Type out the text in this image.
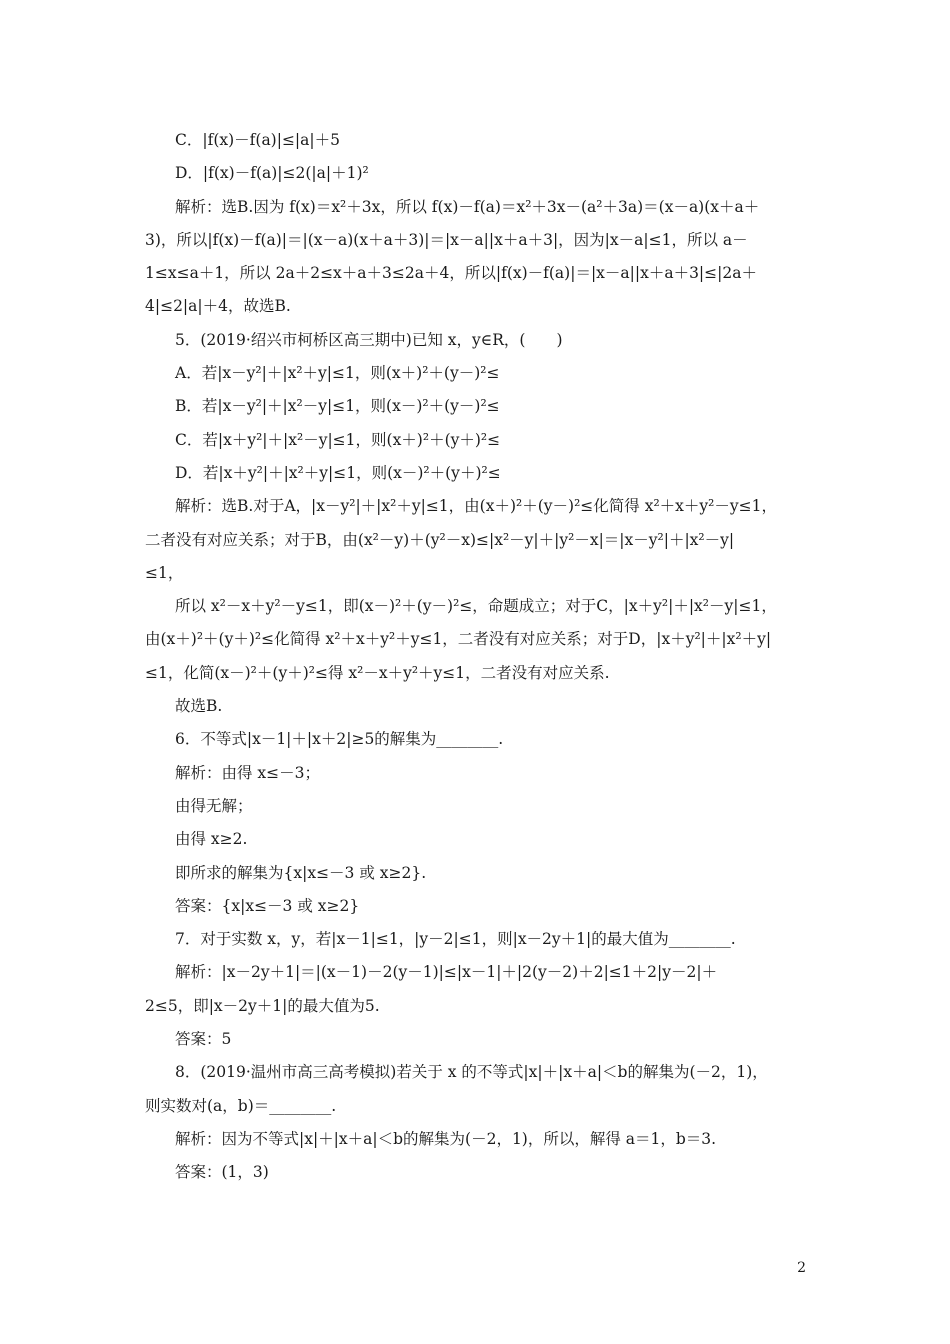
C．|f(x)－f(a)|≤|a|＋5
D．|f(x)－f(a)|≤2(|a|＋1)²
解析：选B.因为 f(x)＝x²＋3x，所以 f(x)－f(a)＝x²＋3x－(a²＋3a)＝(x－a)(x＋a＋
3)，所以|f(x)－f(a)|＝|(x－a)(x＋a＋3)|＝|x－a||x＋a＋3|，因为|x－a|≤1，所以 a－
1≤x≤a＋1，所以 2a＋2≤x＋a＋3≤2a＋4，所以|f(x)－f(a)|＝|x－a||x＋a＋3|≤|2a＋
4|≤2|a|＋4，故选B.
5．(2019·绍兴市柯桥区高三期中)已知 x，y∈R，(　　)
A．若|x－y²|＋|x²＋y|≤1，则(x＋)²＋(y－)²≤
B．若|x－y²|＋|x²－y|≤1，则(x－)²＋(y－)²≤
C．若|x＋y²|＋|x²－y|≤1，则(x＋)²＋(y＋)²≤
D．若|x＋y²|＋|x²＋y|≤1，则(x－)²＋(y＋)²≤
解析：选B.对于A，|x－y²|＋|x²＋y|≤1，由(x＋)²＋(y－)²≤化简得 x²＋x＋y²－y≤1，
二者没有对应关系；对于B，由(x²－y)＋(y²－x)≤|x²－y|＋|y²－x|＝|x－y²|＋|x²－y|
≤1，
所以 x²－x＋y²－y≤1，即(x－)²＋(y－)²≤，命题成立；对于C，|x＋y²|＋|x²－y|≤1，
由(x＋)²＋(y＋)²≤化简得 x²＋x＋y²＋y≤1，二者没有对应关系；对于D，|x＋y²|＋|x²＋y|
≤1，化简(x－)²＋(y＋)²≤得 x²－x＋y²＋y≤1，二者没有对应关系.
故选B.
6．不等式|x－1|＋|x＋2|≥5的解集为________.
解析：由得 x≤－3；
由得无解；
由得 x≥2.
即所求的解集为{x|x≤－3 或 x≥2}.
答案：{x|x≤－3 或 x≥2}
7．对于实数 x，y，若|x－1|≤1，|y－2|≤1，则|x－2y＋1|的最大值为________.
解析：|x－2y＋1|＝|(x－1)－2(y－1)|≤|x－1|＋|2(y－2)＋2|≤1＋2|y－2|＋
2≤5，即|x－2y＋1|的最大值为5.
答案：5
8．(2019·温州市高三高考模拟)若关于 x 的不等式|x|＋|x＋a|＜b的解集为(－2，1)，
则实数对(a，b)＝________.
解析：因为不等式|x|＋|x＋a|＜b的解集为(－2，1)，所以，解得 a＝1，b＝3.
答案：(1，3)
2
